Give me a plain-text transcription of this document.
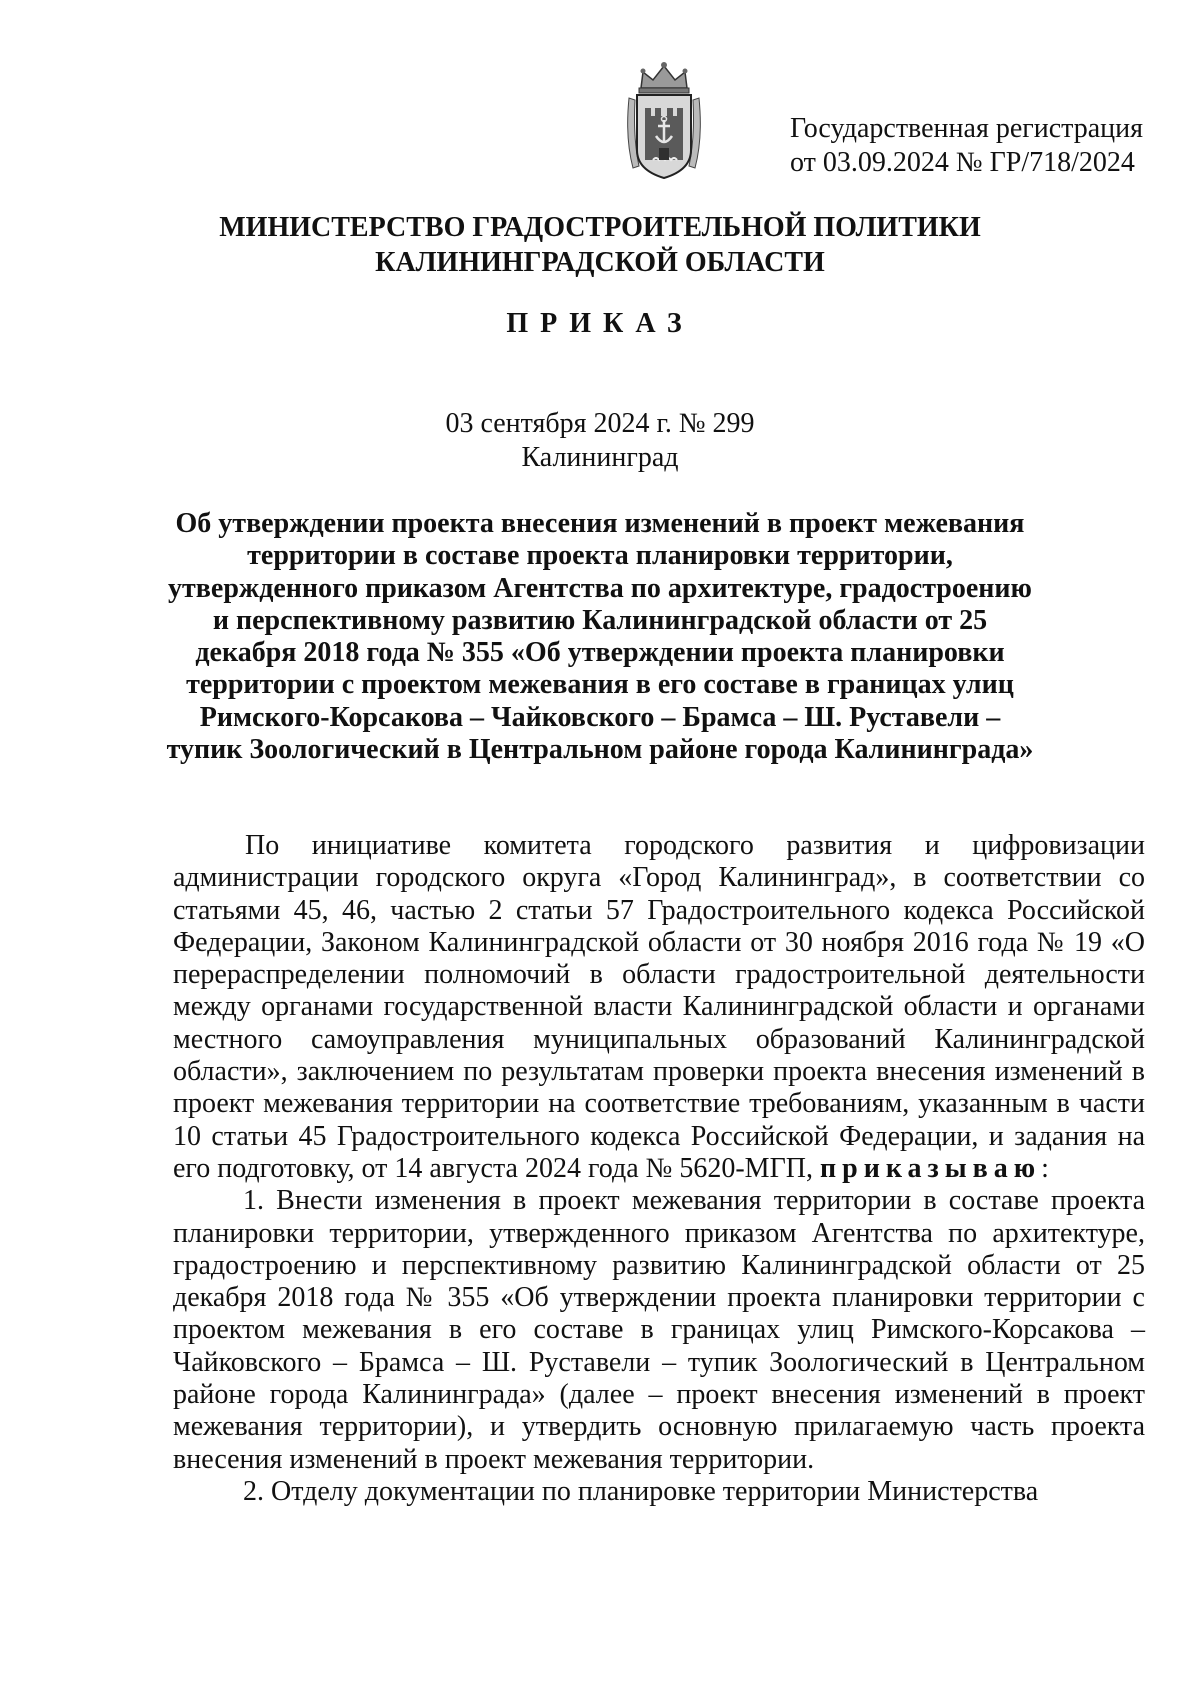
Государственная регистрация
от 03.09.2024 № ГР/718/2024
МИНИСТЕРСТВО ГРАДОСТРОИТЕЛЬНОЙ ПОЛИТИКИ
КАЛИНИНГРАДСКОЙ ОБЛАСТИ
ПРИКАЗ
03 сентября 2024 г. № 299
Калининград
Об утверждении проекта внесения изменений в проект межевания территории в составе проекта планировки территории, утвержденного приказом Агентства по архитектуре, градостроению и перспективному развитию Калининградской области от 25 декабря 2018 года № 355 «Об утверждении проекта планировки территории с проектом межевания в его составе в границах улиц Римского-Корсакова – Чайковского – Брамса – Ш. Руставели – тупик Зоологический в Центральном районе города Калининграда»

По инициативе комитета городского развития и цифровизации администрации городского округа «Город Калининград», в соответствии со статьями 45, 46, частью 2 статьи 57 Градостроительного кодекса Российской Федерации, Законом Калининградской области от 30 ноября 2016 года № 19 «О перераспределении полномочий в области градостроительной деятельности между органами государственной власти Калининградской области и органами местного самоуправления муниципальных образований Калининградской области», заключением по результатам проверки проекта внесения изменений в проект межевания территории на соответствие требованиям, указанным в части 10 статьи 45 Градостроительного кодекса Российской Федерации, и задания на его подготовку, от 14 августа 2024 года № 5620-МГП, приказываю:

1. Внести изменения в проект межевания территории в составе проекта планировки территории, утвержденного приказом Агентства по архитектуре, градостроению и перспективному развитию Калининградской области от 25 декабря 2018 года № 355 «Об утверждении проекта планировки территории с проектом межевания в его составе в границах улиц Римского-Корсакова – Чайковского – Брамса – Ш. Руставели – тупик Зоологический в Центральном районе города Калининграда» (далее – проект внесения изменений в проект межевания территории), и утвердить основную прилагаемую часть проекта внесения изменений в проект межевания территории.

2. Отделу документации по планировке территории Министерства
